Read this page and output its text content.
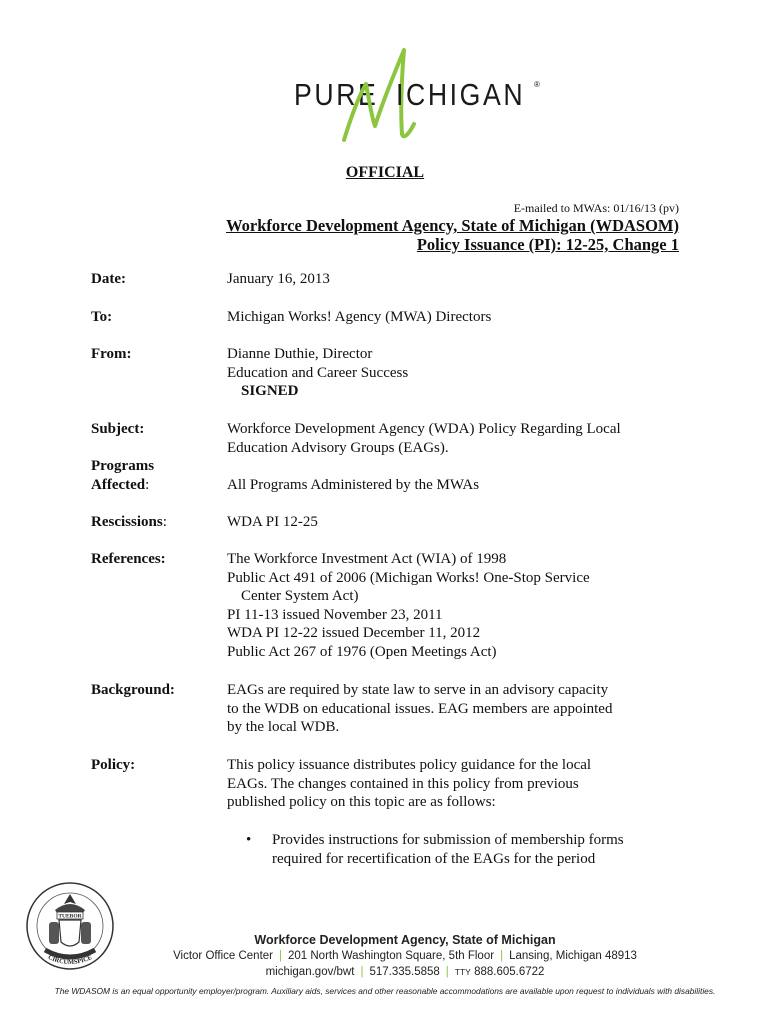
PURE ICHIGAN ®
OFFICIAL
E-mailed to MWAs: 01/16/13 (pv)
Workforce Development Agency, State of Michigan (WDASOM)
Policy Issuance (PI): 12-25, Change 1
Date:	January 16, 2013
To:	Michigan Works! Agency (MWA) Directors
From:	Dianne Duthie, Director
Education and Career Success
SIGNED
Subject:	Workforce Development Agency (WDA) Policy Regarding Local
Education Advisory Groups (EAGs).
Programs
Affected:	All Programs Administered by the MWAs
Rescissions:	WDA PI 12-25
References:	The Workforce Investment Act (WIA) of 1998
Public Act 491 of 2006 (Michigan Works! One-Stop Service
Center System Act)
PI 11-13 issued November 23, 2011
WDA PI 12-22 issued December 11, 2012
Public Act 267 of 1976 (Open Meetings Act)
Background:	EAGs are required by state law to serve in an advisory capacity
to the WDB on educational issues. EAG members are appointed
by the local WDB.
Policy:	This policy issuance distributes policy guidance for the local
EAGs. The changes contained in this policy from previous
published policy on this topic are as follows:
• Provides instructions for submission of membership forms
required for recertification of the EAGs for the period
TUEBOR
CIRCUMSPICE
Workforce Development Agency, State of Michigan
Victor Office Center | 201 North Washington Square, 5th Floor | Lansing, Michigan 48913
michigan.gov/bwt | 517.335.5858 | TTY 888.605.6722
The WDASOM is an equal opportunity employer/program. Auxiliary aids, services and other reasonable accommodations are available upon request to individuals with disabilities.
